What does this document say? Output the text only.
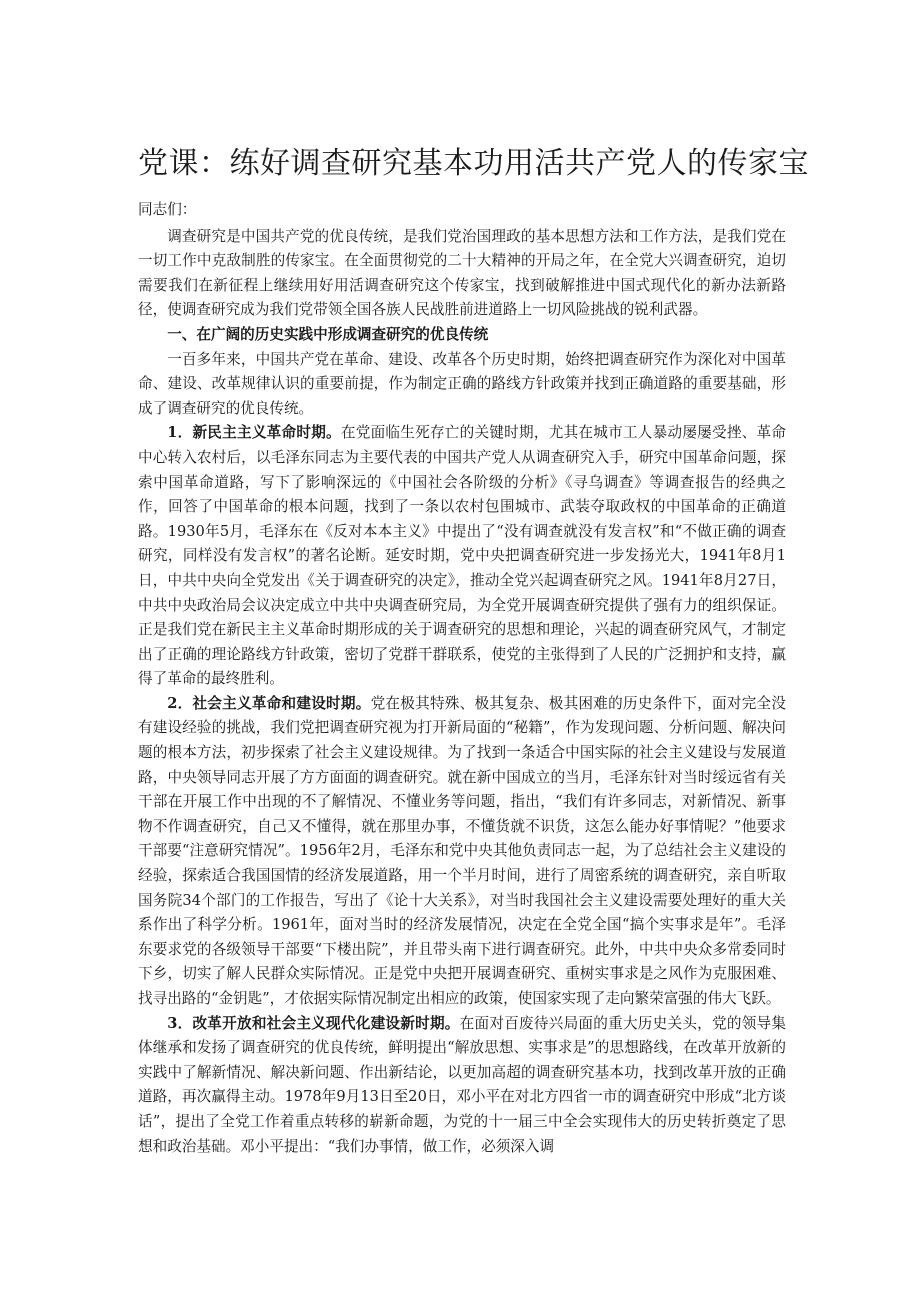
党课：练好调查研究基本功用活共产党人的传家宝

同志们：

调查研究是中国共产党的优良传统，是我们党治国理政的基本思想方法和工作方法，是我们党在一切工作中克敌制胜的传家宝。在全面贯彻党的二十大精神的开局之年，在全党大兴调查研究，迫切需要我们在新征程上继续用好用活调查研究这个传家宝，找到破解推进中国式现代化的新办法新路径，使调查研究成为我们党带领全国各族人民战胜前进道路上一切风险挑战的锐利武器。

一、在广阔的历史实践中形成调查研究的优良传统

一百多年来，中国共产党在革命、建设、改革各个历史时期，始终把调查研究作为深化对中国革命、建设、改革规律认识的重要前提，作为制定正确的路线方针政策并找到正确道路的重要基础，形成了调查研究的优良传统。

1．新民主主义革命时期。在党面临生死存亡的关键时期，尤其在城市工人暴动屡屡受挫、革命中心转入农村后，以毛泽东同志为主要代表的中国共产党人从调查研究入手，研究中国革命问题，探索中国革命道路，写下了影响深远的《中国社会各阶级的分析》《寻乌调查》等调查报告的经典之作，回答了中国革命的根本问题，找到了一条以农村包围城市、武装夺取政权的中国革命的正确道路。1930年5月，毛泽东在《反对本本主义》中提出了“没有调查就没有发言权”和“不做正确的调查研究，同样没有发言权”的著名论断。延安时期，党中央把调查研究进一步发扬光大，1941年8月1日，中共中央向全党发出《关于调查研究的决定》，推动全党兴起调查研究之风。1941年8月27日，中共中央政治局会议决定成立中共中央调查研究局，为全党开展调查研究提供了强有力的组织保证。正是我们党在新民主主义革命时期形成的关于调查研究的思想和理论，兴起的调查研究风气，才制定出了正确的理论路线方针政策，密切了党群干群联系，使党的主张得到了人民的广泛拥护和支持，赢得了革命的最终胜利。

2．社会主义革命和建设时期。党在极其特殊、极其复杂、极其困难的历史条件下，面对完全没有建设经验的挑战，我们党把调查研究视为打开新局面的“秘籍”，作为发现问题、分析问题、解决问题的根本方法，初步探索了社会主义建设规律。为了找到一条适合中国实际的社会主义建设与发展道路，中央领导同志开展了方方面面的调查研究。就在新中国成立的当月，毛泽东针对当时绥远省有关干部在开展工作中出现的不了解情况、不懂业务等问题，指出，“我们有许多同志，对新情况、新事物不作调查研究，自己又不懂得，就在那里办事，不懂货就不识货，这怎么能办好事情呢？”他要求干部要“注意研究情况”。1956年2月，毛泽东和党中央其他负责同志一起，为了总结社会主义建设的经验，探索适合我国国情的经济发展道路，用一个半月时间，进行了周密系统的调查研究，亲自听取国务院34个部门的工作报告，写出了《论十大关系》，对当时我国社会主义建设需要处理好的重大关系作出了科学分析。1961年，面对当时的经济发展情况，决定在全党全国“搞个实事求是年”。毛泽东要求党的各级领导干部要“下楼出院”，并且带头南下进行调查研究。此外，中共中央众多常委同时下乡，切实了解人民群众实际情况。正是党中央把开展调查研究、重树实事求是之风作为克服困难、找寻出路的“金钥匙”，才依据实际情况制定出相应的政策，使国家实现了走向繁荣富强的伟大飞跃。

3．改革开放和社会主义现代化建设新时期。在面对百废待兴局面的重大历史关头，党的领导集体继承和发扬了调查研究的优良传统，鲜明提出“解放思想、实事求是”的思想路线，在改革开放新的实践中了解新情况、解决新问题、作出新结论，以更加高超的调查研究基本功，找到改革开放的正确道路，再次赢得主动。1978年9月13日至20日，邓小平在对北方四省一市的调查研究中形成“北方谈话”，提出了全党工作着重点转移的崭新命题，为党的十一届三中全会实现伟大的历史转折奠定了思想和政治基础。邓小平提出：“我们办事情，做工作，必须深入调
